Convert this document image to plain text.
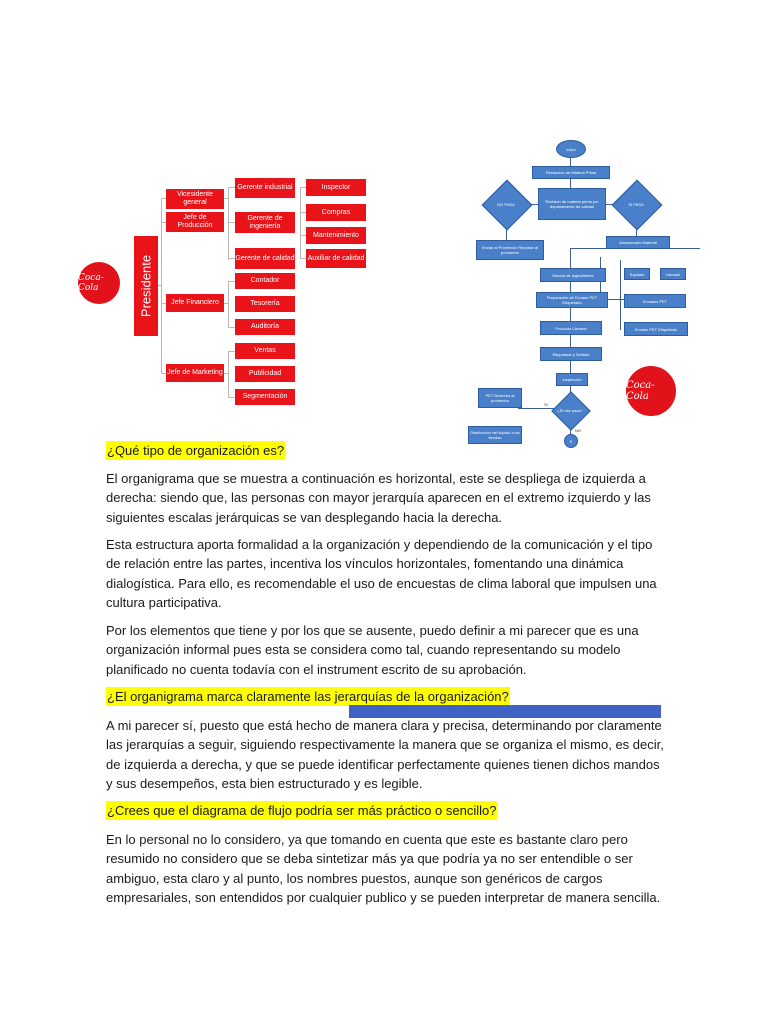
Coca-Cola	Presidente
Vicesidente general
Jefe de Producción
Jefe Financiero
Jefe de Marketing
Gerente industrial
Gerente de ingeniería
Gerente de calidad
Contador
Tesorería
Auditoría
Ventas
Publicidad
Segmentación
Inspector
Compras
Mantenimiento
Auxiliar de calidad
Inicio
Recepción de Materia Prima
Revisión de materia prima por departamento de calidad
NO PASA	SI PASA
Enviar al Proveedor Reportar al proveedor
Almacenado Material
Mezcla de ingredientes	Soplado	Llenado
Preparación de Envase PET Etiquetado	Envases PET
Envase PET Etiquetado
Producto Llenado
Etiquetado y Sellado
Inspección
¿El lote pasa?
PET Desecho al proveedor
Distribución del liquido a los tiendas
SI
NO
S
Coca-Cola
¿Qué tipo de organización es?

El organigrama que se muestra a continuación es horizontal, este se despliega de izquierda a derecha: siendo que, las personas con mayor jerarquía aparecen en el extremo izquierdo y las siguientes escalas jerárquicas se van desplegando hacia la derecha.

Esta estructura aporta formalidad a la organización y dependiendo de la comunicación y el tipo de relación entre las partes, incentiva los vínculos horizontales, fomentando una dinámica dialogística. Para ello, es recomendable el uso de encuestas de clima laboral que impulsen una cultura participativa.

Por los elementos que tiene y por los que se ausente, puedo definir a mi parecer que es una organización informal pues esta se considera como tal, cuando representando su modelo planificado no cuenta todavía con el instrument escrito de su aprobación.

¿El organigrama marca claramente las jerarquías de la organización?

A mi parecer sí, puesto que está hecho de manera clara y precisa, determinando por claramente las jerarquías a seguir, siguiendo respectivamente la manera que se organiza el mismo, es decir, de izquierda a derecha, y que se puede identificar perfectamente quienes tienen dichos mandos y sus desempeños, esta bien estructurado y es legible.

¿Crees que el diagrama de flujo podría ser más práctico o sencillo?

En lo personal no lo considero, ya que tomando en cuenta que este es bastante claro pero resumido no considero que se deba sintetizar más ya que podría ya no ser entendible o ser ambiguo, esta claro y al punto, los nombres puestos, aunque son genéricos de cargos empresariales, son entendidos por cualquier publico y se pueden interpretar de manera sencilla.
